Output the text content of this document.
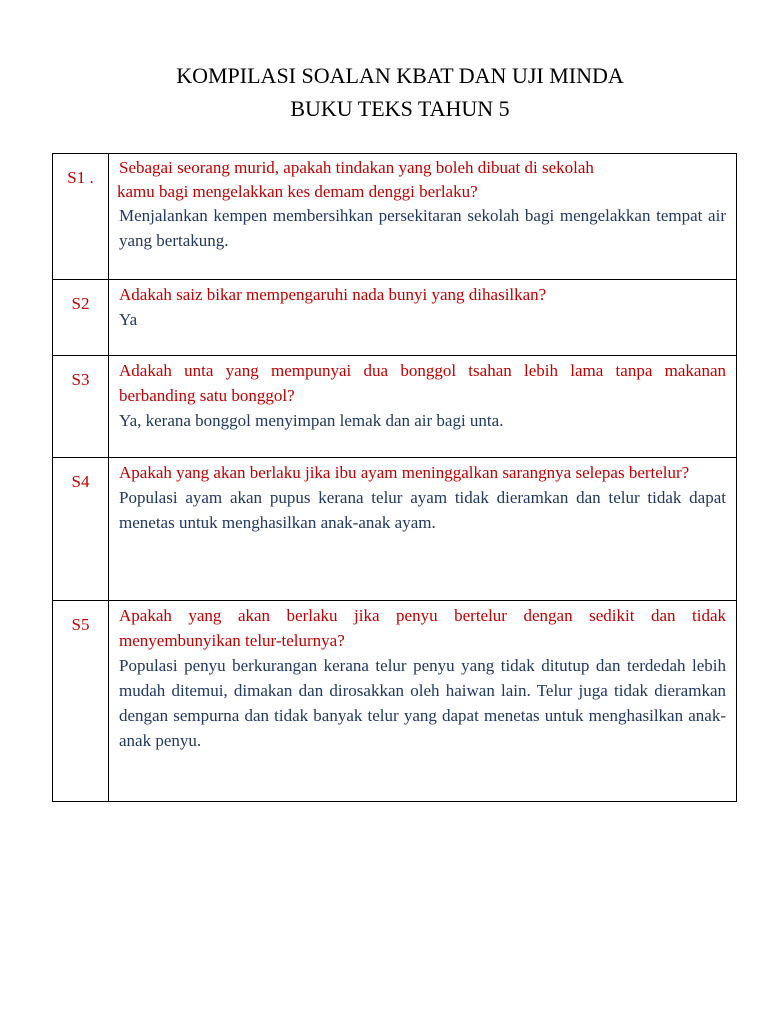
KOMPILASI SOALAN KBAT DAN UJI MINDA
BUKU TEKS TAHUN 5
S1 .	Sebagai seorang murid, apakah tindakan yang boleh dibuat di sekolah
kamu bagi mengelakkan kes demam denggi berlaku?
Menjalankan kempen membersihkan persekitaran sekolah bagi mengelakkan tempat air yang bertakung.

S2	Adakah saiz bikar mempengaruhi nada bunyi yang dihasilkan?
Ya

S3	Adakah unta yang mempunyai dua bonggol tsahan lebih lama tanpa makanan berbanding satu bonggol?
Ya, kerana bonggol menyimpan lemak dan air bagi unta.

S4	Apakah yang akan berlaku jika ibu ayam meninggalkan sarangnya selepas bertelur?
Populasi ayam akan pupus kerana telur ayam tidak dieramkan dan telur tidak dapat menetas untuk menghasilkan anak-anak ayam.

S5	Apakah yang akan berlaku jika penyu bertelur dengan sedikit dan tidak menyembunyikan telur-telurnya?
Populasi penyu berkurangan kerana telur penyu yang tidak ditutup dan terdedah lebih mudah ditemui, dimakan dan dirosakkan oleh haiwan lain. Telur juga tidak dieramkan dengan sempurna dan tidak banyak telur yang dapat menetas untuk menghasilkan anak-anak penyu.
